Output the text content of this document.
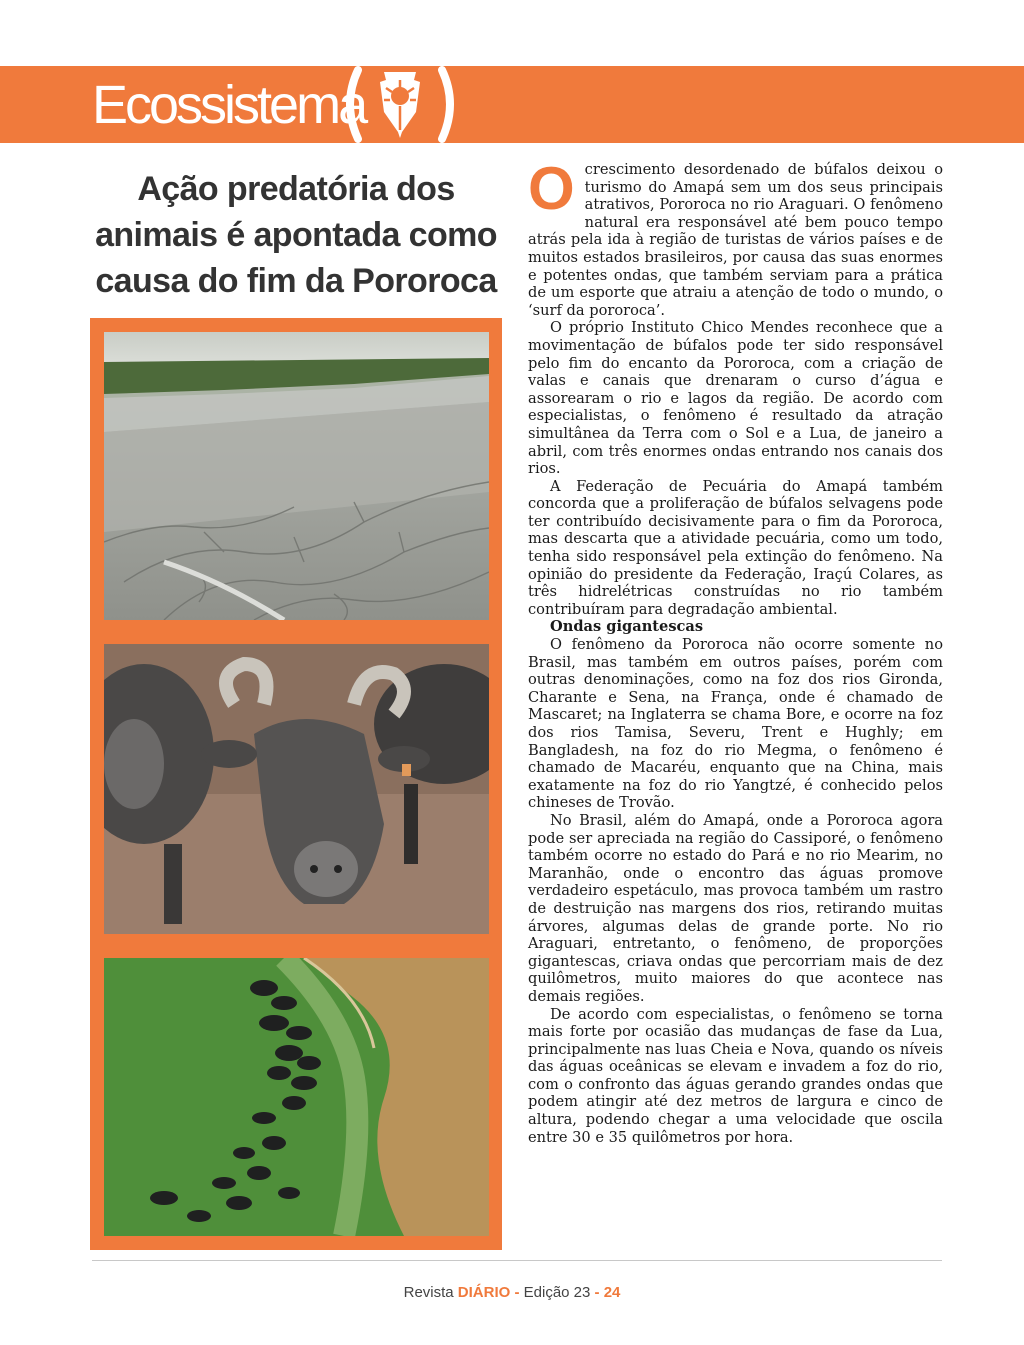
Ecossistema
Ação predatória dos animais é apontada como causa do fim da Pororoca

Ocrescimento desordenado de búfalos deixou o turismo do Amapá sem um dos seus principais atrativos, Pororoca no rio Araguari. O fenômeno natural era responsável até bem pouco tempo atrás pela ida à região de turistas de vários países e de muitos estados brasileiros, por causa das suas enormes e potentes ondas, que também serviam para a prática de um esporte que atraiu a atenção de todo o mundo, o ‘surf da pororoca’.

O próprio Instituto Chico Mendes reconhece que a movimentação de búfalos pode ter sido responsável pelo fim do encanto da Pororoca, com a criação de valas e canais que drenaram o curso d’água e assorearam o rio e lagos da região. De acordo com especialistas, o fenômeno é resultado da atração simultânea da Terra com o Sol e a Lua, de janeiro a abril, com três enormes ondas entrando nos canais dos rios.

A Federação de Pecuária do Amapá também concorda que a proliferação de búfalos selvagens pode ter contribuído decisivamente para o fim da Pororoca, mas descarta que a atividade pecuária, como um todo, tenha sido responsável pela extinção do fenômeno. Na opinião do presidente da Federação, Iraçú Colares, as três hidrelétricas construídas no rio também contribuíram para degradação ambiental.

Ondas gigantescas

O fenômeno da Pororoca não ocorre somente no Brasil, mas também em outros países, porém com outras denominações, como na foz dos rios Gironda, Charante e Sena, na França, onde é chamado de Mascaret; na Inglaterra se chama Bore, e ocorre na foz dos rios Tamisa, Severu, Trent e Hughly; em Bangladesh, na foz do rio Megma, o fenômeno é chamado de Macaréu, enquanto que na China, mais exatamente na foz do rio Yangtzé, é conhecido pelos chineses de Trovão.

No Brasil, além do Amapá, onde a Pororoca agora pode ser apreciada na região do Cassiporé, o fenômeno também ocorre no estado do Pará e no rio Mearim, no Maranhão, onde o encontro das águas promove verdadeiro espetáculo, mas provoca também um rastro de destruição nas margens dos rios, retirando muitas árvores, algumas delas de grande porte. No rio Araguari, entretanto, o fenômeno, de proporções gigantescas, criava ondas que percorriam mais de dez quilômetros, muito maiores do que acontece nas demais regiões.

De acordo com especialistas, o fenômeno se torna mais forte por ocasião das mudanças de fase da Lua, principalmente nas luas Cheia e Nova, quando os níveis das águas oceânicas se elevam e invadem a foz do rio, com o confronto das águas gerando grandes ondas que podem atingir até dez metros de largura e cinco de altura, podendo chegar a uma velocidade que oscila entre 30 e 35 quilômetros por hora.

Revista DIÁRIO - Edição 23 - 24
